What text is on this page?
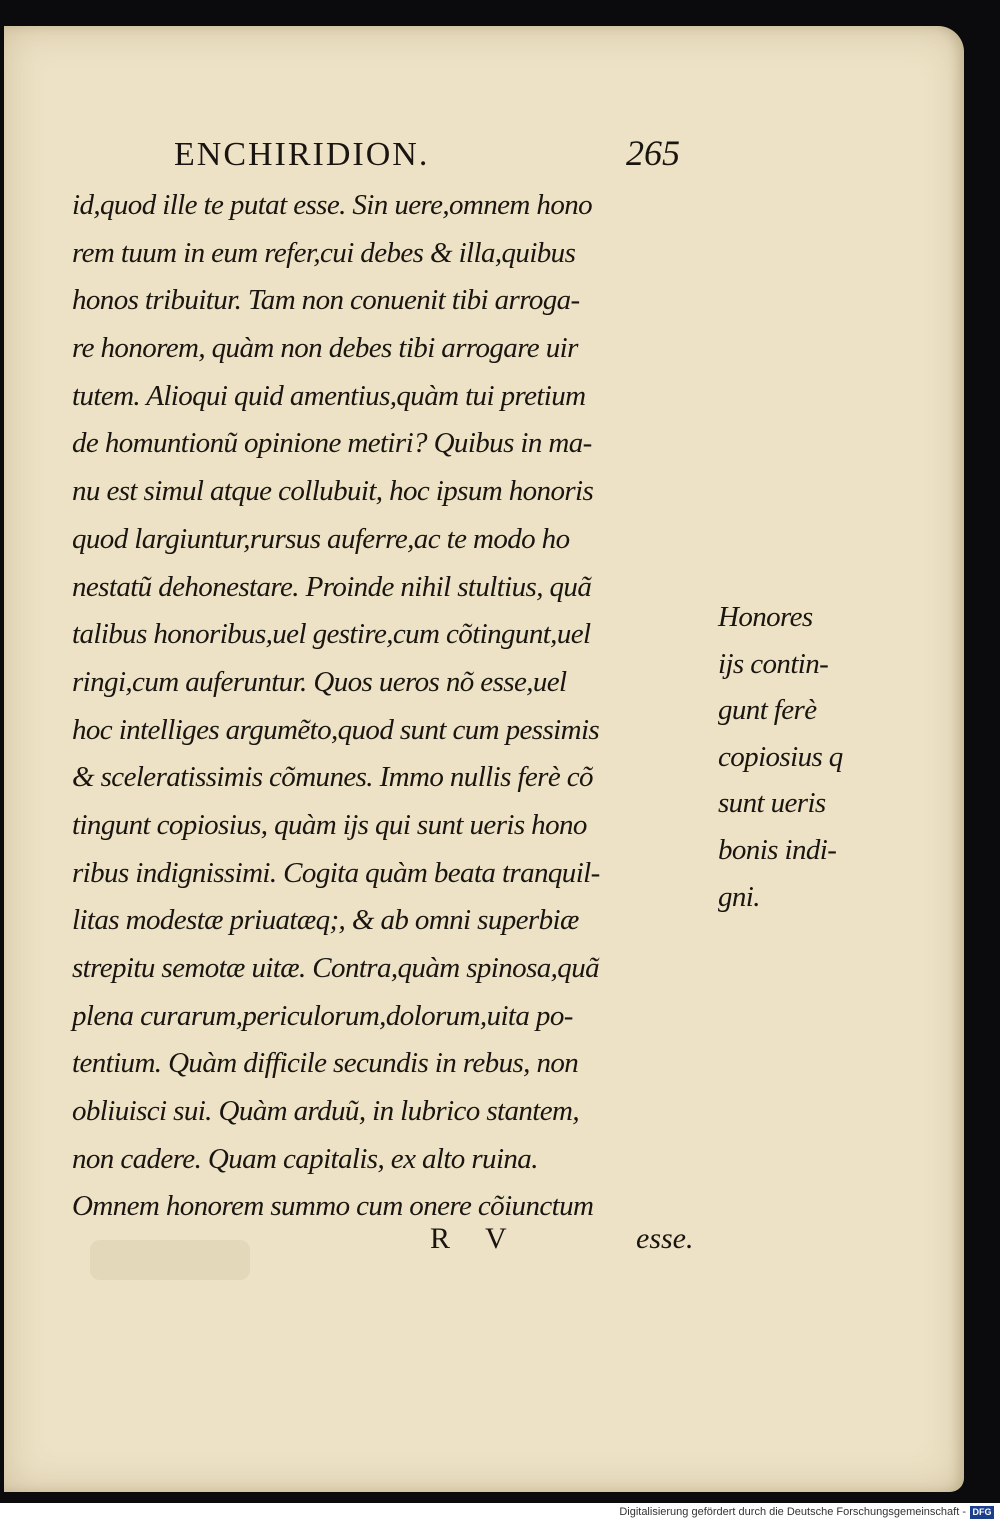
ENCHIRIDION.	265
id,quod ille te putat esse. Sin uere,omnem hono
rem tuum in eum refer,cui debes & illa,quibus
honos tribuitur. Tam non conuenit tibi arroga-
re honorem, quàm non debes tibi arrogare uir
tutem. Alioqui quid amentius,quàm tui pretium
de homuntionũ opinione metiri? Quibus in ma-
nu est simul atque collubuit, hoc ipsum honoris
quod largiuntur,rursus auferre,ac te modo ho
nestatũ dehonestare. Proinde nihil stultius, quã
talibus honoribus,uel gestire,cum cõtingunt,uel
ringi,cum auferuntur. Quos ueros nõ esse,uel
hoc intelliges argumẽto,quod sunt cum pessimis
& sceleratissimis cõmunes. Immo nullis ferè cõ
tingunt copiosius, quàm ijs qui sunt ueris hono
ribus indignissimi. Cogita quàm beata tranquil-
litas modestæ priuatæq;, & ab omni superbiæ
strepitu semotæ uitæ. Contra,quàm spinosa,quã
plena curarum,periculorum,dolorum,uita po-
tentium. Quàm difficile secundis in rebus, non
obliuisci sui. Quàm arduũ, in lubrico stantem,
non cadere. Quam capitalis, ex alto ruina.
Omnem honorem summo cum onere cõiunctum
Honores
ijs contin-
gunt ferè
copiosius q
sunt ueris
bonis indi-
gni.
R V	esse.
Digitalisierung gefördert durch die Deutsche Forschungsgemeinschaft - DFG
